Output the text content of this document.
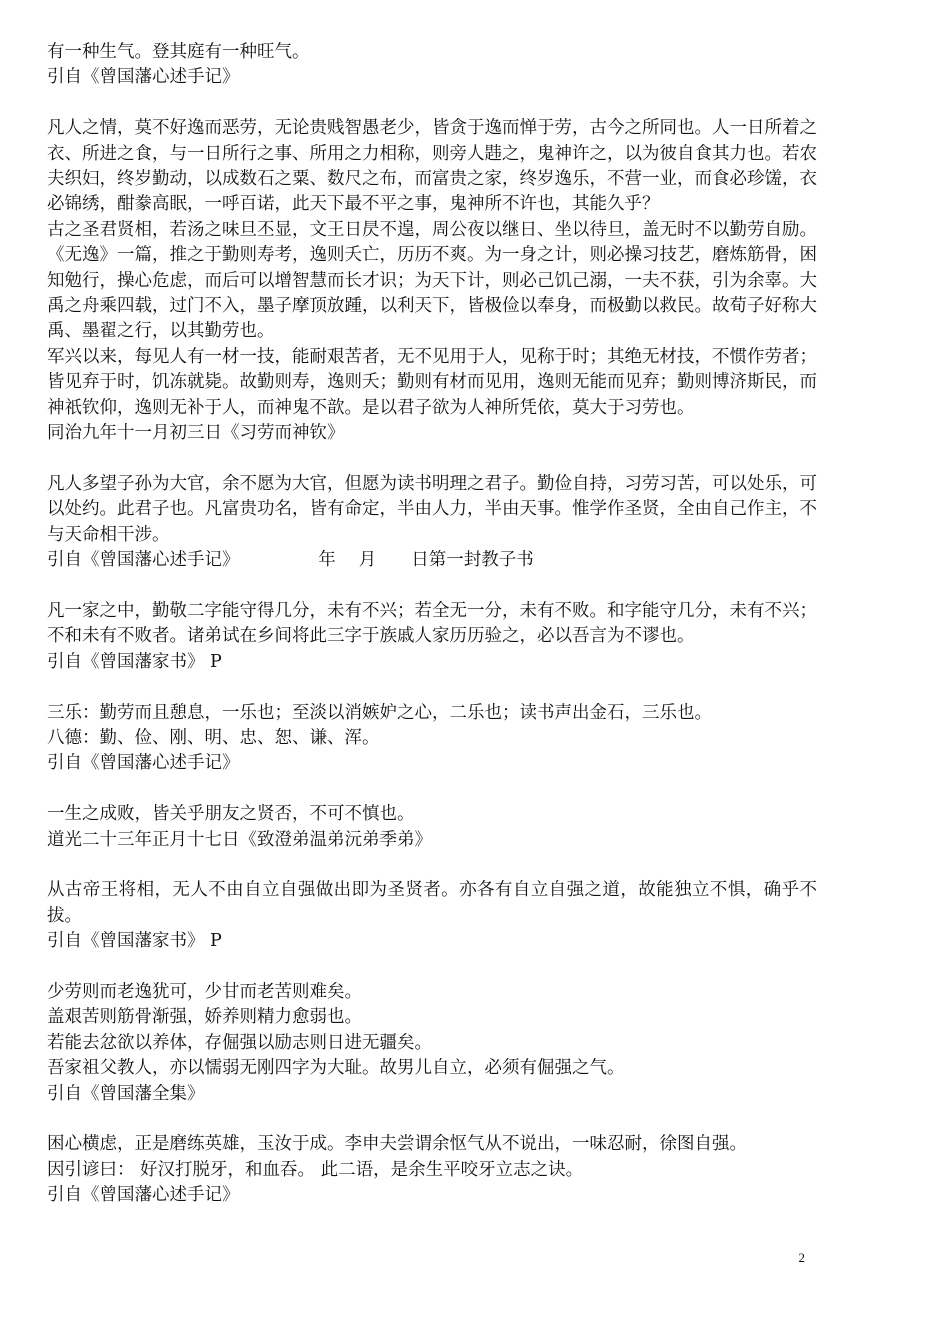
有一种生气。登其庭有一种旺气。

引自《曾国藩心述手记》

凡人之情，莫不好逸而恶劳，无论贵贱智愚老少，皆贪于逸而惮于劳，古今之所同也。人一日所着之衣、所进之食，与一日所行之事、所用之力相称，则旁人韪之，鬼神许之，以为彼自食其力也。若农夫织妇，终岁勤动，以成数石之粟、数尺之布，而富贵之家，终岁逸乐，不营一业，而食必珍馐，衣必锦绣，酣豢高眠，一呼百诺，此天下最不平之事，鬼神所不许也，其能久乎？

古之圣君贤相，若汤之味旦丕显，文王日昃不遑，周公夜以继日、坐以待旦，盖无时不以勤劳自励。《无逸》一篇，推之于勤则寿考，逸则夭亡，历历不爽。为一身之计，则必操习技艺，磨炼筋骨，困知勉行，操心危虑，而后可以增智慧而长才识；为天下计，则必己饥己溺，一夫不获，引为余辜。大禹之舟乘四载，过门不入，墨子摩顶放踵，以利天下，皆极俭以奉身，而极勤以救民。故荀子好称大禹、墨翟之行，以其勤劳也。

军兴以来，每见人有一材一技，能耐艰苦者，无不见用于人，见称于时；其绝无材技，不惯作劳者；皆见弃于时，饥冻就毙。故勤则寿，逸则夭；勤则有材而见用，逸则无能而见弃；勤则博济斯民，而神祇钦仰，逸则无补于人，而神鬼不歆。是以君子欲为人神所凭依，莫大于习劳也。

同治九年十一月初三日《习劳而神钦》

凡人多望子孙为大官，余不愿为大官，但愿为读书明理之君子。勤俭自持，习劳习苦，可以处乐，可以处约。此君子也。凡富贵功名，皆有命定，半由人力，半由天事。惟学作圣贤，全由自己作主，不与天命相干涉。

引自《曾国藩心述手记》　　　　　年　 月　　日第一封教子书

凡一家之中，勤敬二字能守得几分，未有不兴；若全无一分，未有不败。和字能守几分，未有不兴；不和未有不败者。诸弟试在乡间将此三字于族戚人家历历验之，必以吾言为不谬也。

引自《曾国藩家书》 P

三乐：勤劳而且憩息，一乐也；至淡以消嫉妒之心，二乐也；读书声出金石，三乐也。

八德：勤、俭、刚、明、忠、恕、谦、浑。

引自《曾国藩心述手记》

一生之成败，皆关乎朋友之贤否，不可不慎也。

道光二十三年正月十七日《致澄弟温弟沅弟季弟》

从古帝王将相，无人不由自立自强做出即为圣贤者。亦各有自立自强之道，故能独立不惧，确乎不拔。

引自《曾国藩家书》 P

少劳则而老逸犹可，少甘而老苦则难矣。

盖艰苦则筋骨渐强，娇养则精力愈弱也。

若能去忿欲以养体，存倔强以励志则日进无疆矣。

吾家祖父教人，亦以懦弱无刚四字为大耻。故男儿自立，必须有倔强之气。

引自《曾国藩全集》

困心横虑，正是磨练英雄，玉汝于成。李申夫尝谓余怄气从不说出，一味忍耐，徐图自强。

因引谚曰： 好汉打脱牙，和血吞。 此二语，是余生平咬牙立志之诀。

引自《曾国藩心述手记》

2
